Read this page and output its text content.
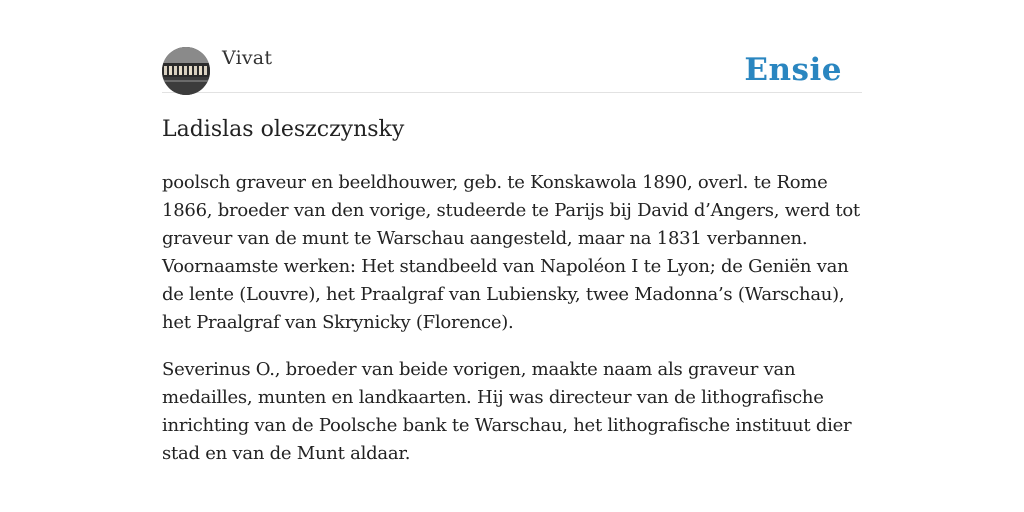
Vivat	Ensie
Ladislas oleszczynsky

poolsch graveur en beeldhouwer, geb. te Konskawola 1890, overl. te Rome 1866, broeder van den vorige, studeerde te Parijs bij David d’Angers, werd tot graveur van de munt te Warschau aangesteld, maar na 1831 verbannen. Voornaamste werken: Het standbeeld van Napoléon I te Lyon; de Geniën van de lente (Louvre), het Praalgraf van Lubiensky, twee Madonna’s (Warschau), het Praalgraf van Skrynicky (Florence).

Severinus O., broeder van beide vorigen, maakte naam als graveur van medailles, munten en landkaarten. Hij was directeur van de lithografische inrichting van de Poolsche bank te Warschau, het lithografische instituut dier stad en van de Munt aldaar.
